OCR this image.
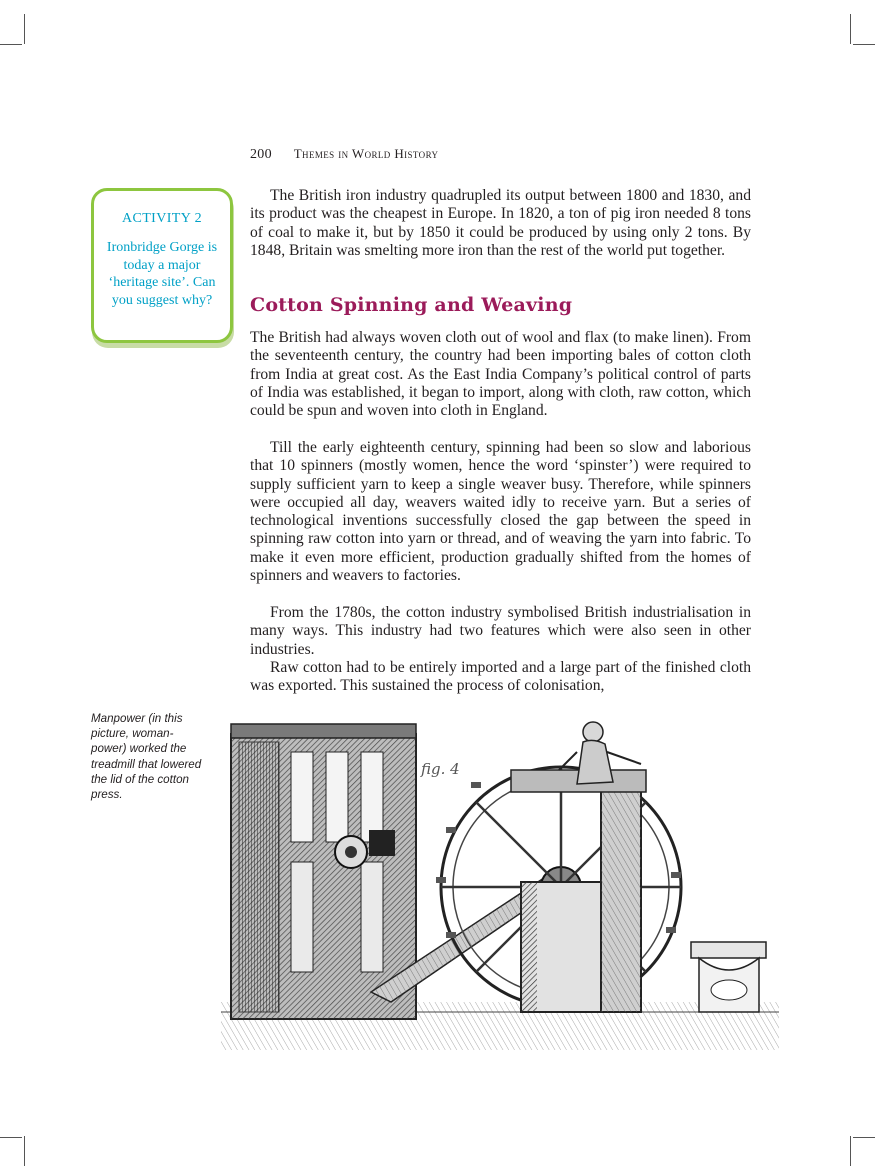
200 Themes in World History
ACTIVITY 2
Ironbridge Gorge is today a major ‘heritage site’. Can you suggest why?

The British iron industry quadrupled its output between 1800 and 1830, and its product was the cheapest in Europe. In 1820, a ton of pig iron needed 8 tons of coal to make it, but by 1850 it could be produced by using only 2 tons. By 1848, Britain was smelting more iron than the rest of the world put together.

Cotton Spinning and Weaving

The British had always woven cloth out of wool and flax (to make linen). From the seventeenth century, the country had been importing bales of cotton cloth from India at great cost. As the East India Company’s political control of parts of India was established, it began to import, along with cloth, raw cotton, which could be spun and woven into cloth in England.

Till the early eighteenth century, spinning had been so slow and laborious that 10 spinners (mostly women, hence the word ‘spinster’) were required to supply sufficient yarn to keep a single weaver busy. Therefore, while spinners were occupied all day, weavers waited idly to receive yarn. But a series of technological inventions successfully closed the gap between the speed in spinning raw cotton into yarn or thread, and of weaving the yarn into fabric. To make it even more efficient, production gradually shifted from the homes of spinners and weavers to factories.

From the 1780s, the cotton industry symbolised British industrialisation in many ways. This industry had two features which were also seen in other industries.

Raw cotton had to be entirely imported and a large part of the finished cloth was exported. This sustained the process of colonisation,

Manpower (in this picture, woman-power) worked the treadmill that lowered the lid of the cotton press.
fig. 4
